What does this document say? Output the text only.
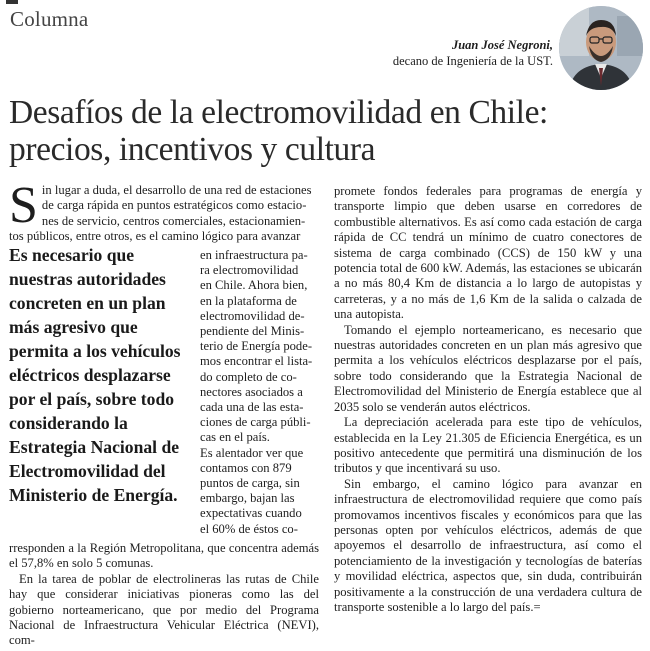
Columna
Juan José Negroni,
decano de Ingeniería de la UST.
Desafíos de la electromovilidad en Chile: precios, incentivos y cultura
S in lugar a duda, el desarrollo de una red de estaciones
de carga rápida en puntos estratégicos como estacio-
nes de servicio, centros comerciales, estacionamien-
tos públicos, entre otros, es el camino lógico para avanzar
Es necesario que nuestras autoridades concreten en un plan más agresivo que permita a los vehículos eléctricos desplazarse por el país, sobre todo considerando la Estrategia Nacional de Electromovilidad del Ministerio de Energía.
en infraestructura pa-
ra electromovilidad
en Chile. Ahora bien,
en la plataforma de
electromovilidad de-
pendiente del Minis-
terio de Energía pode-
mos encontrar el lista-
do completo de co-
nectores asociados a
cada una de las esta-
ciones de carga públi-
cas en el país.
Es alentador ver que
contamos con 879
puntos de carga, sin
embargo, bajan las
expectativas cuando
el 60% de éstos co-

rresponden a la Región Metropolitana, que concentra además el 57,8% en solo 5 comunas.

En la tarea de poblar de electrolineras las rutas de Chile hay que considerar iniciativas pioneras como las del gobierno norteamericano, que por medio del Programa Nacional de Infraestructura Vehicular Eléctrica (NEVI), com-

promete fondos federales para programas de energía y transporte limpio que deben usarse en corredores de combustible alternativos. Es así como cada estación de carga rápida de CC tendrá un mínimo de cuatro conectores de sistema de carga combinado (CCS) de 150 kW y una potencia total de 600 kW. Además, las estaciones se ubicarán a no más 80,4 Km de distancia a lo largo de autopistas y carreteras, y a no más de 1,6 Km de la salida o calzada de una autopista.

Tomando el ejemplo norteamericano, es necesario que nuestras autoridades concreten en un plan más agresivo que permita a los vehículos eléctricos desplazarse por el país, sobre todo considerando que la Estrategia Nacional de Electromovilidad del Ministerio de Energía establece que al 2035 solo se venderán autos eléctricos.

La depreciación acelerada para este tipo de vehículos, establecida en la Ley 21.305 de Eficiencia Energética, es un positivo antecedente que permitirá una disminución de los tributos y que incentivará su uso.

Sin embargo, el camino lógico para avanzar en infraestructura de electromovilidad requiere que como país promovamos incentivos fiscales y económicos para que las personas opten por vehículos eléctricos, además de que apoyemos el desarrollo de infraestructura, así como el potenciamiento de la investigación y tecnologías de baterías y movilidad eléctrica, aspectos que, sin duda, contribuirán positivamente a la construcción de una verdadera cultura de transporte sostenible a lo largo del país.=
